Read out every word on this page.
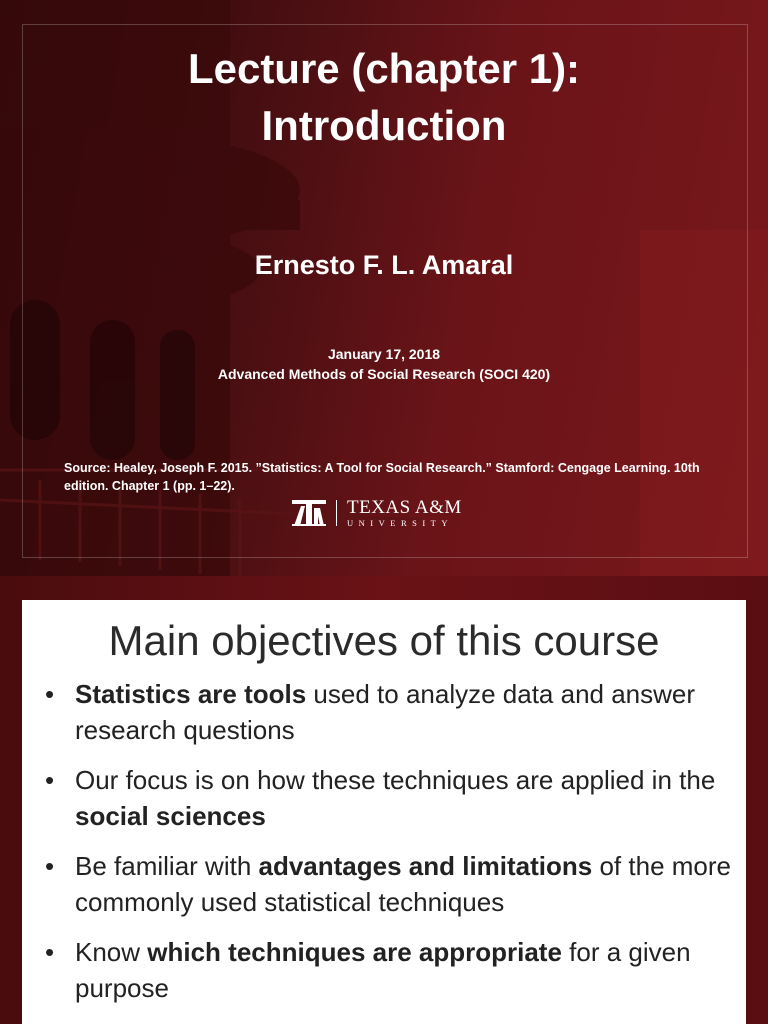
Lecture (chapter 1):
Introduction
Ernesto F. L. Amaral
January 17, 2018
Advanced Methods of Social Research (SOCI 420)
Source: Healey, Joseph F. 2015. ”Statistics: A Tool for Social Research.” Stamford: Cengage Learning. 10th edition. Chapter 1 (pp. 1–22).
TEXAS A&M
UNIVERSITY
Main objectives of this course
• Statistics are tools used to analyze data and answer research questions
• Our focus is on how these techniques are applied in the social sciences
• Be familiar with advantages and limitations of the more commonly used statistical techniques
• Know which techniques are appropriate for a given purpose
